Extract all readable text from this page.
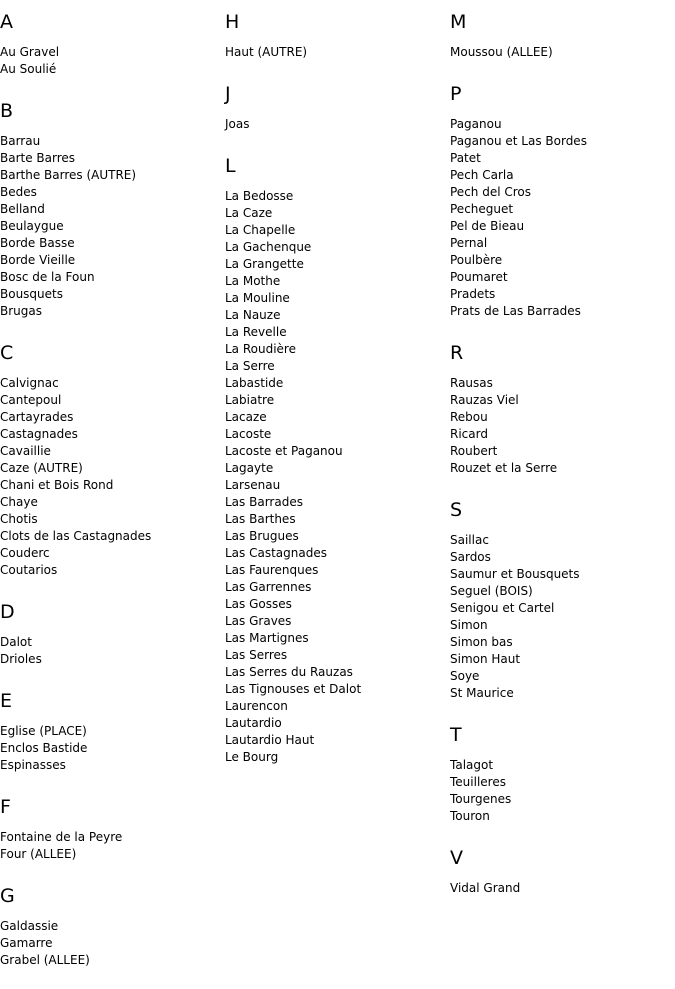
A
Au Gravel
Au Soulié
B
Barrau
Barte Barres
Barthe Barres (AUTRE)
Bedes
Belland
Beulaygue
Borde Basse
Borde Vieille
Bosc de la Foun
Bousquets
Brugas
C
Calvignac
Cantepoul
Cartayrades
Castagnades
Cavaillie
Caze (AUTRE)
Chani et Bois Rond
Chaye
Chotis
Clots de las Castagnades
Couderc
Coutarios
D
Dalot
Drioles
E
Eglise (PLACE)
Enclos Bastide
Espinasses
F
Fontaine de la Peyre
Four (ALLEE)
G
Galdassie
Gamarre
Grabel (ALLEE)
H
Haut (AUTRE)
J
Joas
L
La Bedosse
La Caze
La Chapelle
La Gachenque
La Grangette
La Mothe
La Mouline
La Nauze
La Revelle
La Roudière
La Serre
Labastide
Labiatre
Lacaze
Lacoste
Lacoste et Paganou
Lagayte
Larsenau
Las Barrades
Las Barthes
Las Brugues
Las Castagnades
Las Faurenques
Las Garrennes
Las Gosses
Las Graves
Las Martignes
Las Serres
Las Serres du Rauzas
Las Tignouses et Dalot
Laurencon
Lautardio
Lautardio Haut
Le Bourg
M
Moussou (ALLEE)
P
Paganou
Paganou et Las Bordes
Patet
Pech Carla
Pech del Cros
Pecheguet
Pel de Bieau
Pernal
Poulbère
Poumaret
Pradets
Prats de Las Barrades
R
Rausas
Rauzas Viel
Rebou
Ricard
Roubert
Rouzet et la Serre
S
Saillac
Sardos
Saumur et Bousquets
Seguel (BOIS)
Senigou et Cartel
Simon
Simon bas
Simon Haut
Soye
St Maurice
T
Talagot
Teuilleres
Tourgenes
Touron
V
Vidal Grand
